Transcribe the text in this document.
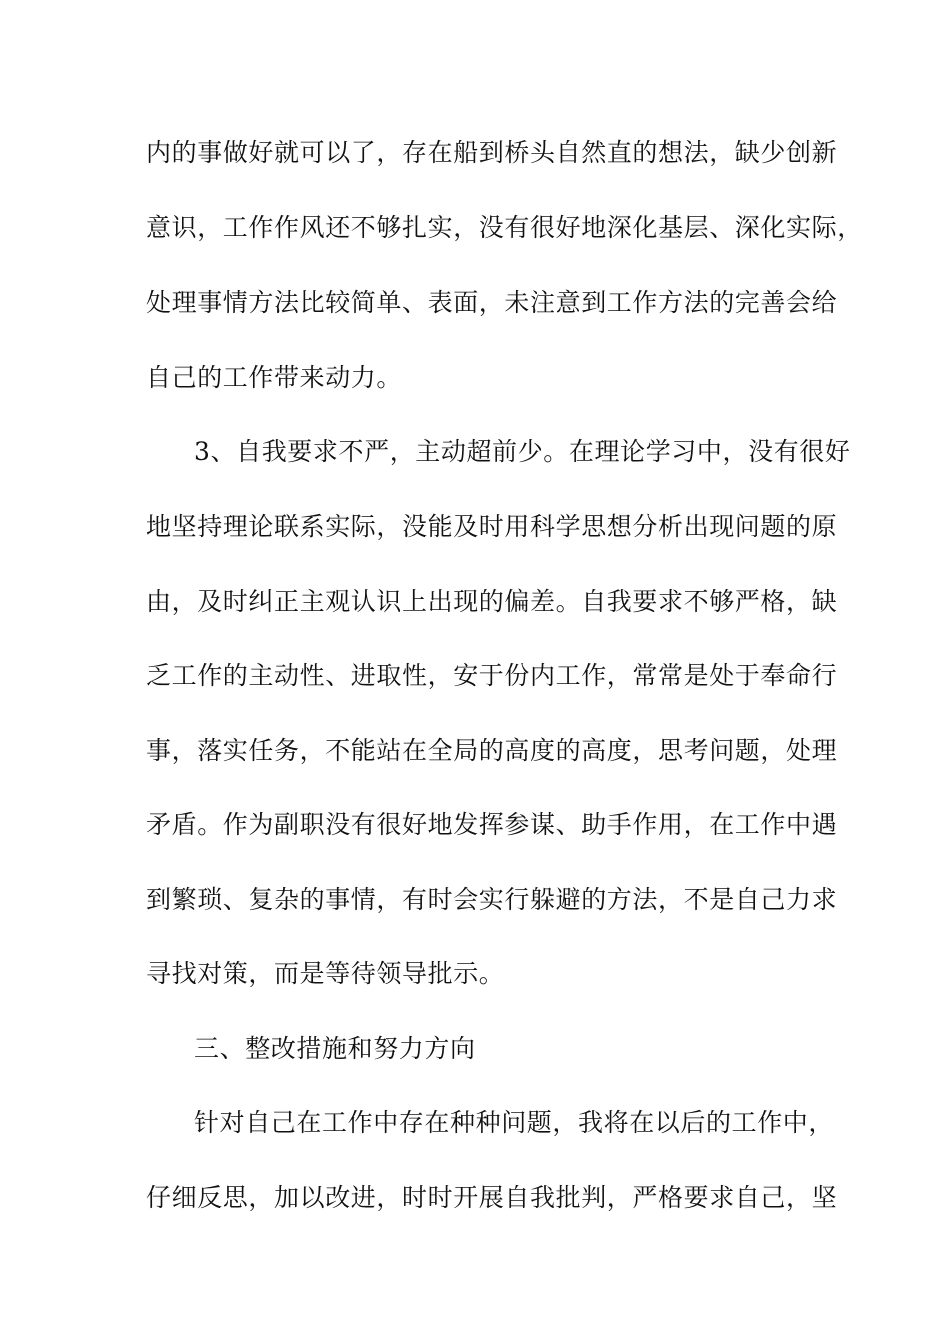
内的事做好就可以了，存在船到桥头自然直的想法，缺少创新
意识，工作作风还不够扎实，没有很好地深化基层、深化实际，
处理事情方法比较简单、表面，未注意到工作方法的完善会给
自己的工作带来动力。
3、自我要求不严，主动超前少。在理论学习中，没有很好
地坚持理论联系实际，没能及时用科学思想分析出现问题的原
由，及时纠正主观认识上出现的偏差。自我要求不够严格，缺
乏工作的主动性、进取性，安于份内工作，常常是处于奉命行
事，落实任务，不能站在全局的高度的高度，思考问题，处理
矛盾。作为副职没有很好地发挥参谋、助手作用，在工作中遇
到繁琐、复杂的事情，有时会实行躲避的方法，不是自己力求
寻找对策，而是等待领导批示。
三、整改措施和努力方向
针对自己在工作中存在种种问题，我将在以后的工作中，
仔细反思，加以改进，时时开展自我批判，严格要求自己，坚
